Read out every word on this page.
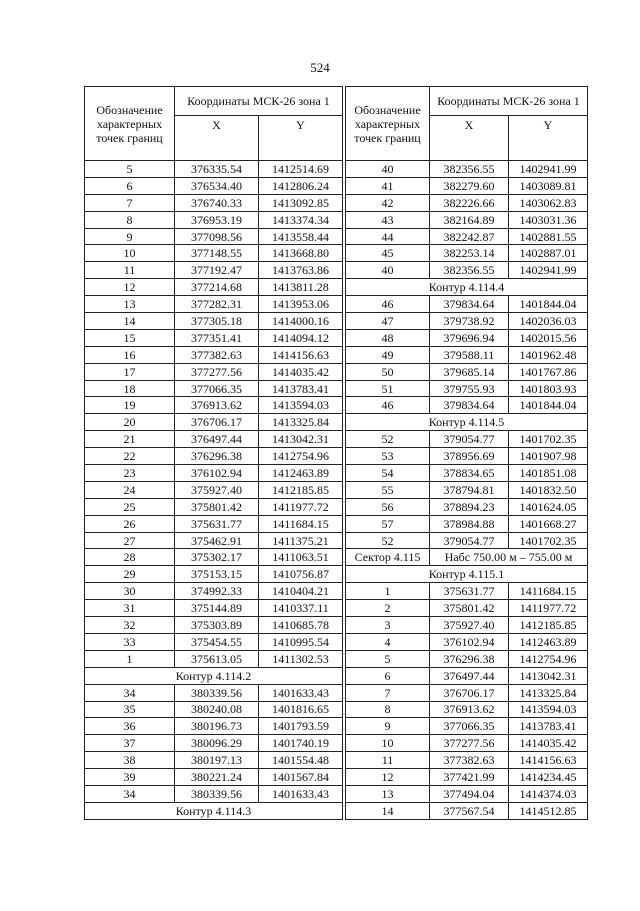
524
Обозначение характерных точек границ	Координаты МСК-26 зона 1	
	X	Y
5	376335.54	1412514.69
6	376534.40	1412806.24
7	376740.33	1413092.85
8	376953.19	1413374.34
9	377098.56	1413558.44
10	377148.55	1413668.80
11	377192.47	1413763.86
12	377214.68	1413811.28
13	377282.31	1413953.06
14	377305.18	1414000.16
15	377351.41	1414094.12
16	377382.63	1414156.63
17	377277.56	1414035.42
18	377066.35	1413783.41
19	376913.62	1413594.03
20	376706.17	1413325.84
21	376497.44	1413042.31
22	376296.38	1412754.96
23	376102.94	1412463.89
24	375927.40	1412185.85
25	375801.42	1411977.72
26	375631.77	1411684.15
27	375462.91	1411375.21
28	375302.17	1411063.51
29	375153.15	1410756.87
30	374992.33	1410404.21
31	375144.89	1410337.11
32	375303.89	1410685.78
33	375454.55	1410995.54
1	375613.05	1411302.53
Контур 4.114.2		
34	380339.56	1401633.43
35	380240.08	1401816.65
36	380196.73	1401793.59
37	380096.29	1401740.19
38	380197.13	1401554.48
39	380221.24	1401567.84
34	380339.56	1401633.43
Контур 4.114.3		
Обозначение характерных точек границ	Координаты МСК-26 зона 1	
	X	Y
40	382356.55	1402941.99
41	382279.60	1403089.81
42	382226.66	1403062.83
43	382164.89	1403031.36
44	382242.87	1402881.55
45	382253.14	1402887.01
40	382356.55	1402941.99
Контур 4.114.4		
46	379834.64	1401844.04
47	379738.92	1402036.03
48	379696.94	1402015.56
49	379588.11	1401962.48
50	379685.14	1401767.86
51	379755.93	1401803.93
46	379834.64	1401844.04
Контур 4.114.5		
52	379054.77	1401702.35
53	378956.69	1401907.98
54	378834.65	1401851.08
55	378794.81	1401832.50
56	378894.23	1401624.05
57	378984.88	1401668.27
52	379054.77	1401702.35
Сектор 4.115	Набс 750.00 м – 755.00 м	
Контур 4.115.1		
1	375631.77	1411684.15
2	375801.42	1411977.72
3	375927.40	1412185.85
4	376102.94	1412463.89
5	376296.38	1412754.96
6	376497.44	1413042.31
7	376706.17	1413325.84
8	376913.62	1413594.03
9	377066.35	1413783.41
10	377277.56	1414035.42
11	377382.63	1414156.63
12	377421.99	1414234.45
13	377494.04	1414374.03
14	377567.54	1414512.85
